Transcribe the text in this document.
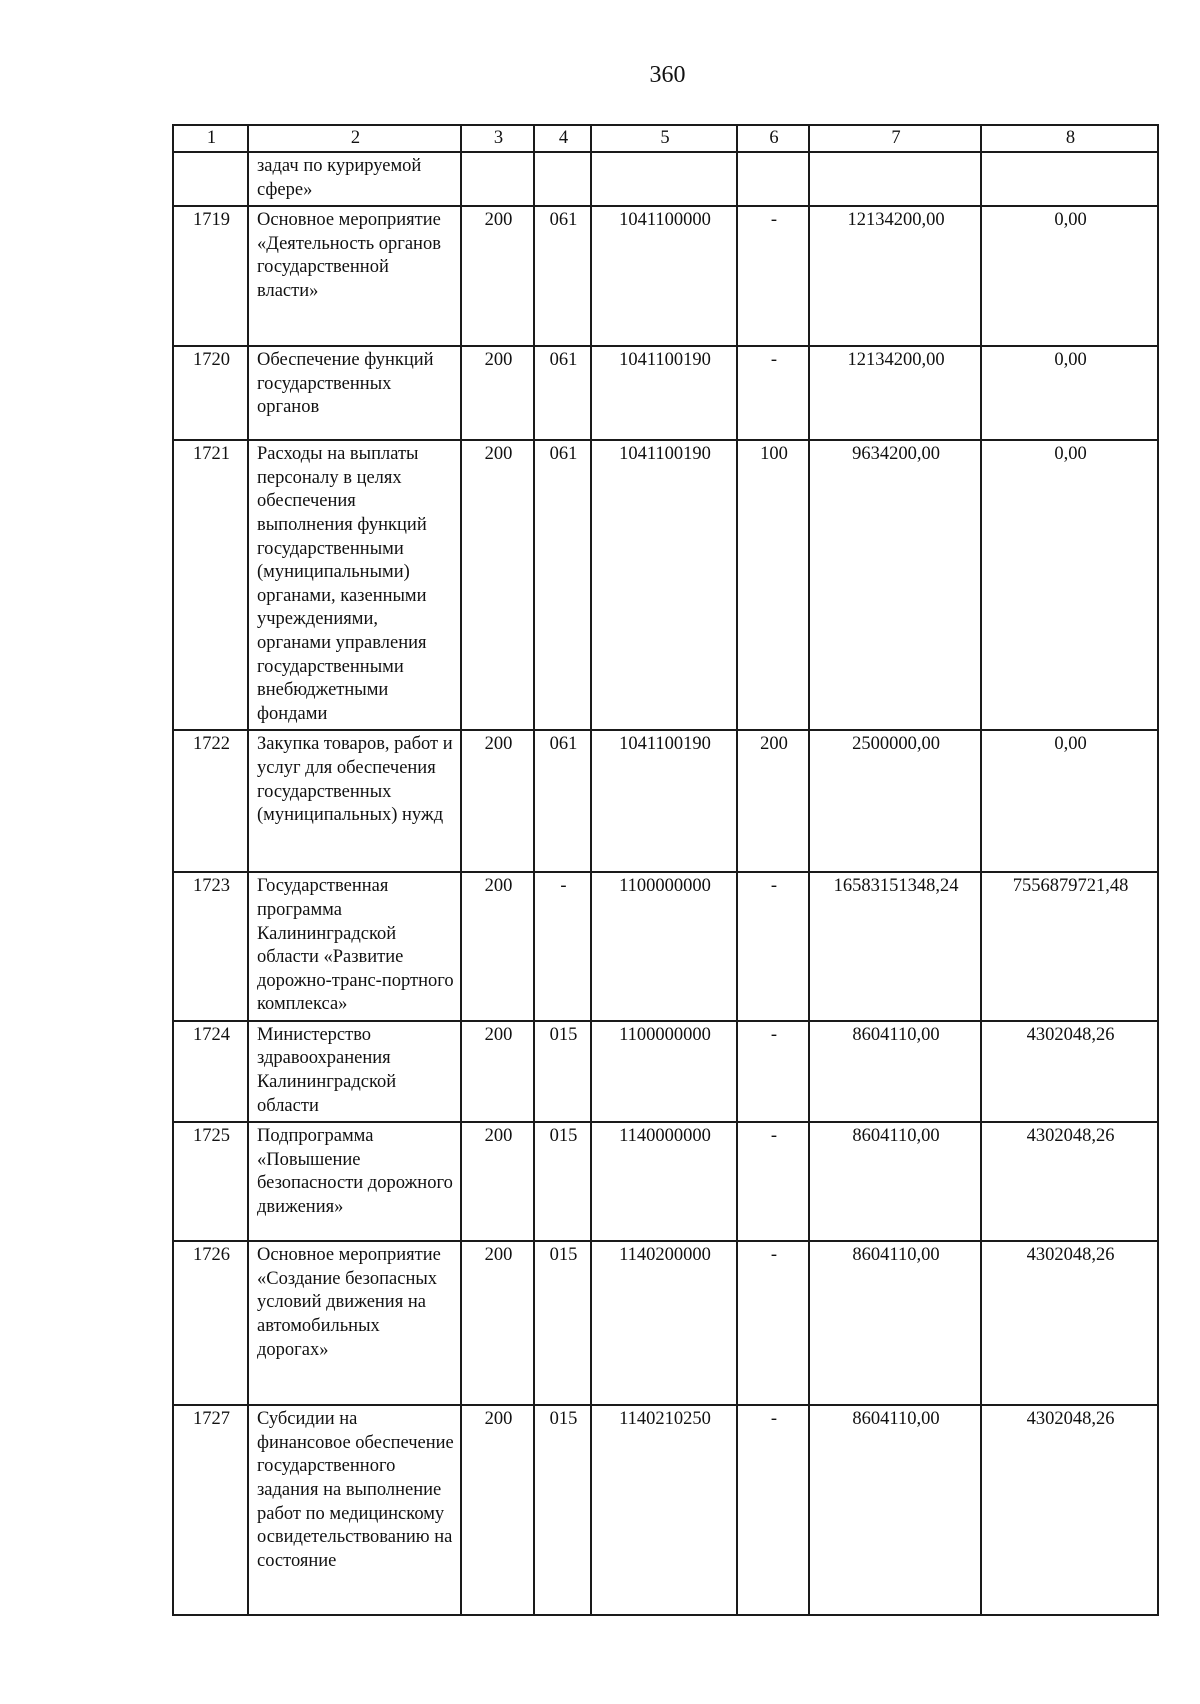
360
1	2	3	4	5	6	7	8
	задач по курируемой сфере»						
1719	Основное мероприятие «Деятельность органов государственной власти»	200	061	1041100000	-	12134200,00	0,00
1720	Обеспечение функций государственных органов	200	061	1041100190	-	12134200,00	0,00
1721	Расходы на выплаты персоналу в целях обеспечения выполнения функций государственными (муниципальными) органами, казенными учреждениями, органами управления государственными внебюджетными фондами	200	061	1041100190	100	9634200,00	0,00
1722	Закупка товаров, работ и услуг для обеспечения государственных (муниципальных) нужд	200	061	1041100190	200	2500000,00	0,00
1723	Государственная программа Калининградской области «Развитие дорожно-транс-портного комплекса»	200	-	1100000000	-	16583151348,24	7556879721,48
1724	Министерство здравоохранения Калининградской области	200	015	1100000000	-	8604110,00	4302048,26
1725	Подпрограмма «Повышение безопасности дорожного движения»	200	015	1140000000	-	8604110,00	4302048,26
1726	Основное мероприятие «Создание безопасных условий движения на автомобильных дорогах»	200	015	1140200000	-	8604110,00	4302048,26
1727	Субсидии на финансовое обеспечение государственного задания на выполнение работ по медицинскому освидетельствованию на состояние	200	015	1140210250	-	8604110,00	4302048,26
